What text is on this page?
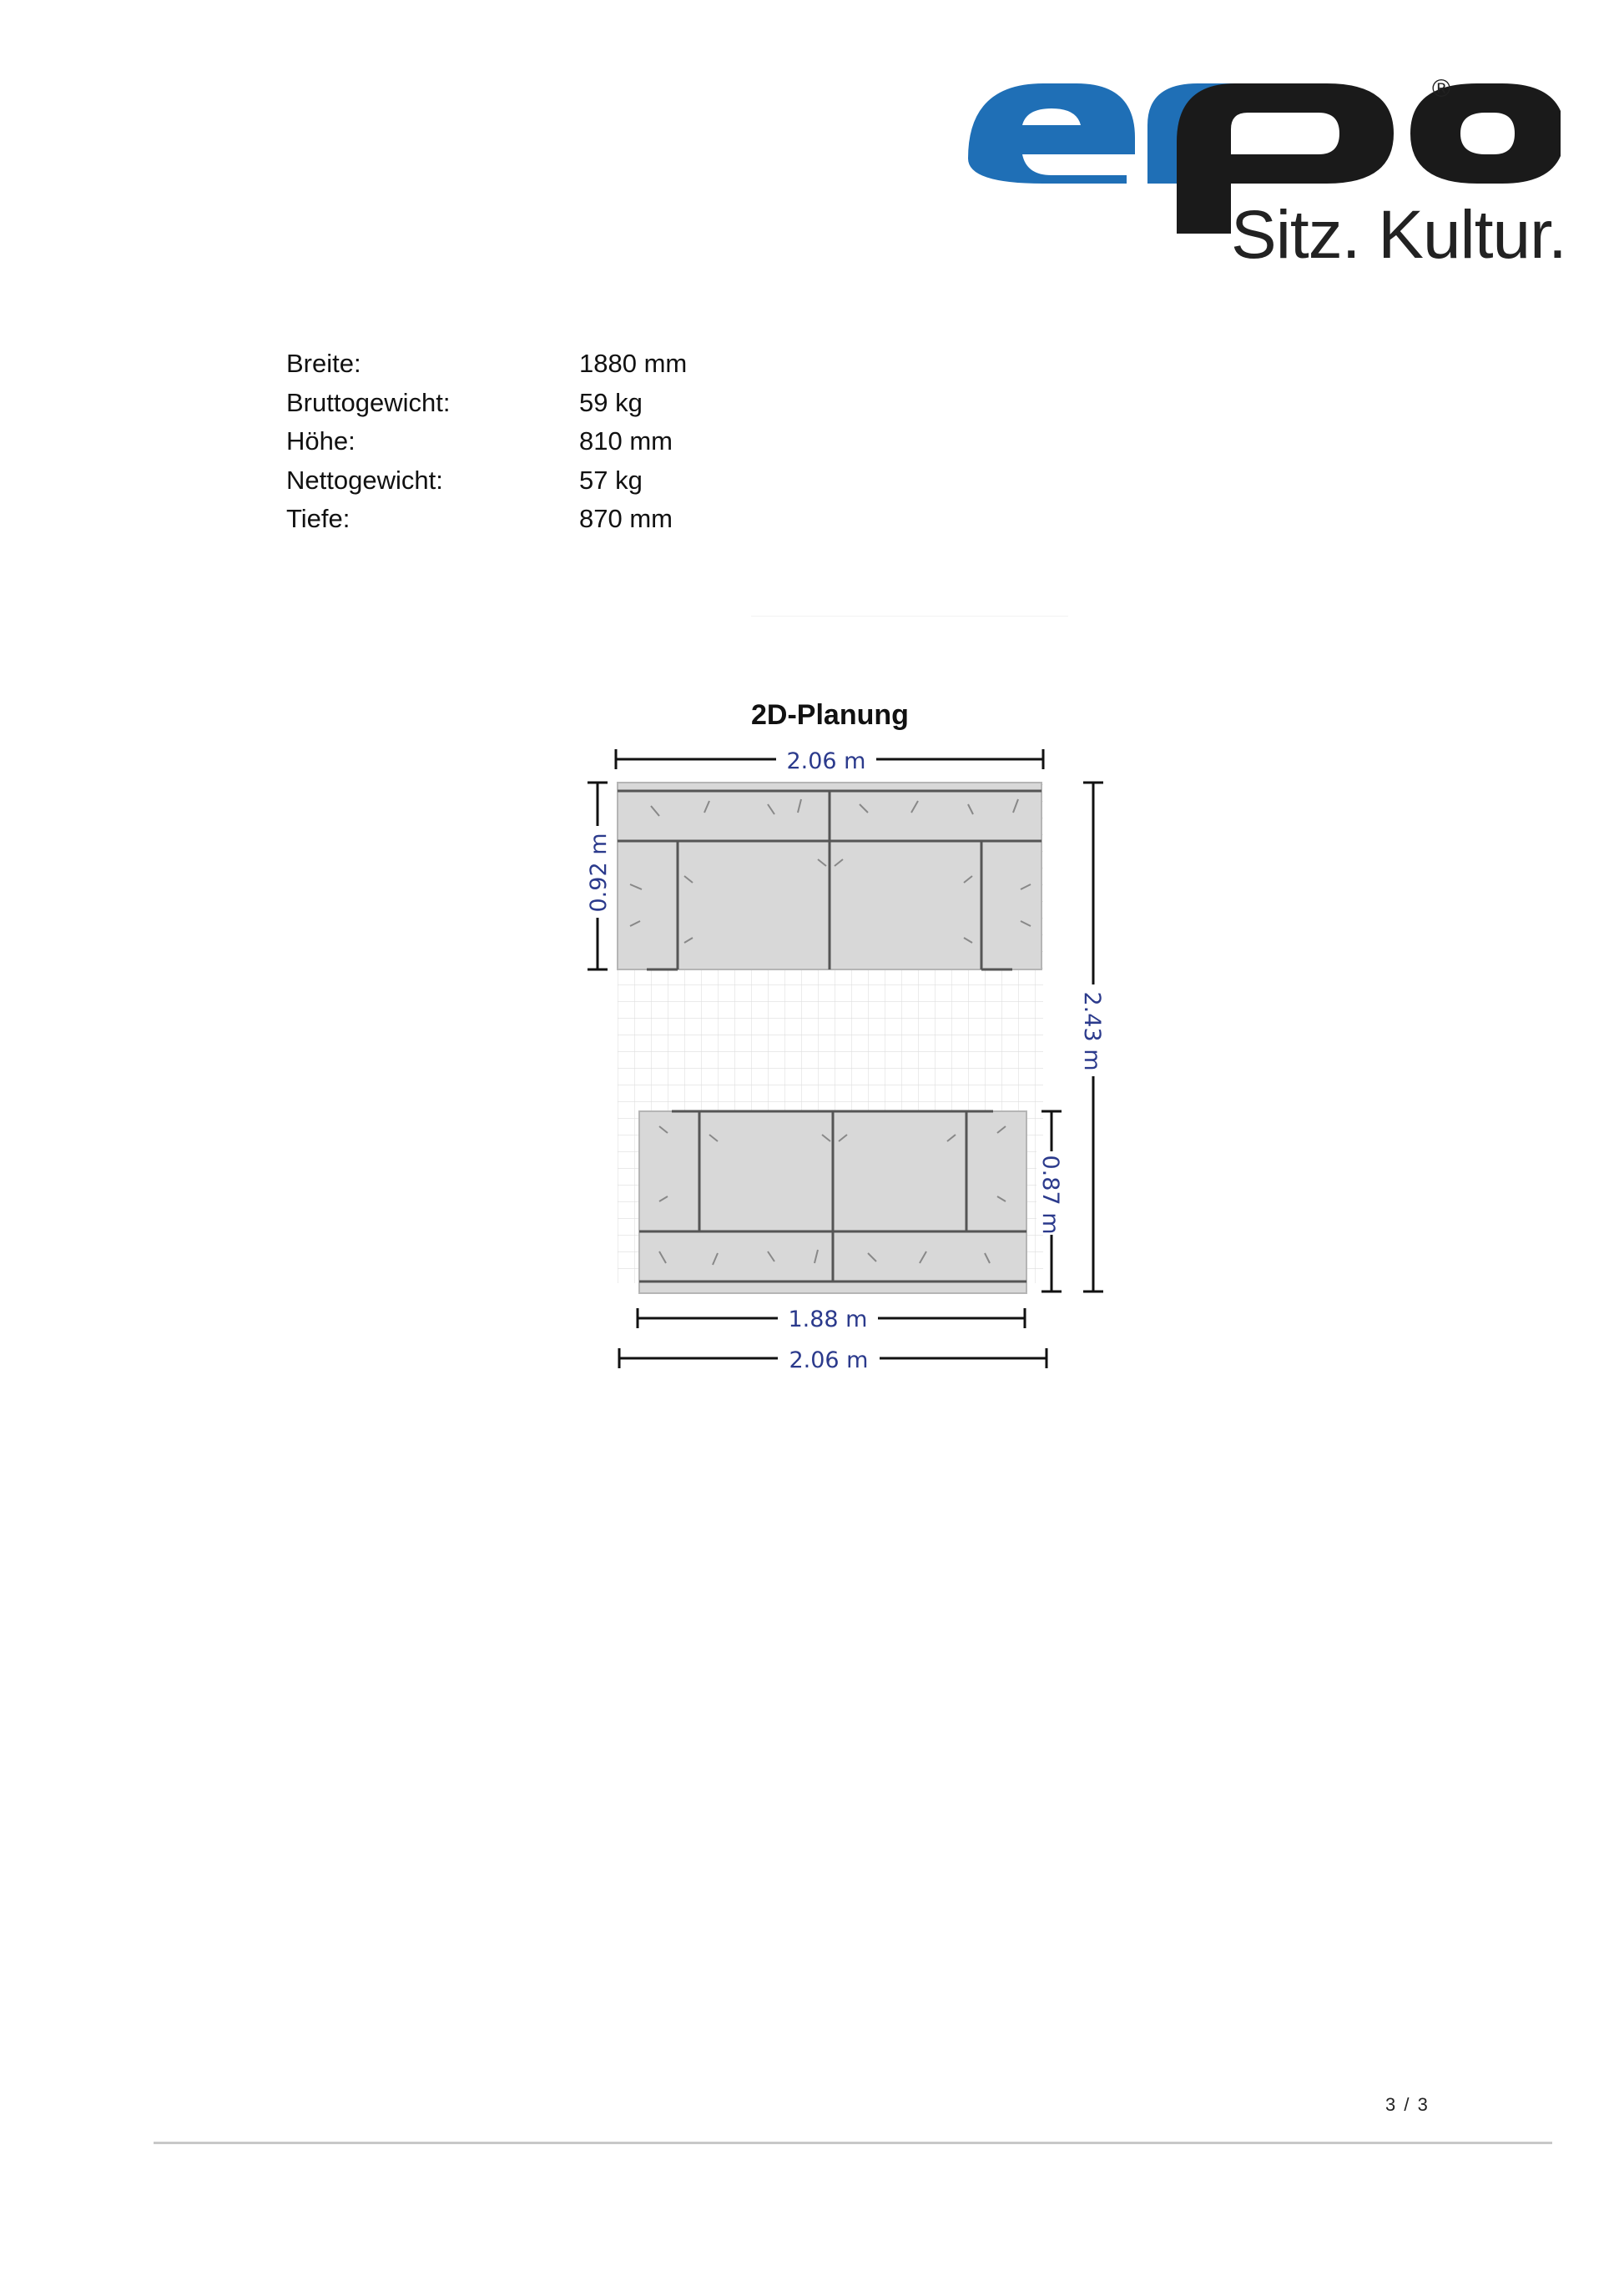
®
Sitz. Kultur.
Breite:	1880 mm
Bruttogewicht:	59 kg
Höhe:	810 mm
Nettogewicht:	57 kg
Tiefe:	870 mm
2D-Planung
2.06 m
0.92 m
2.43 m
0.87 m
1.88 m
2.06 m
3 / 3
